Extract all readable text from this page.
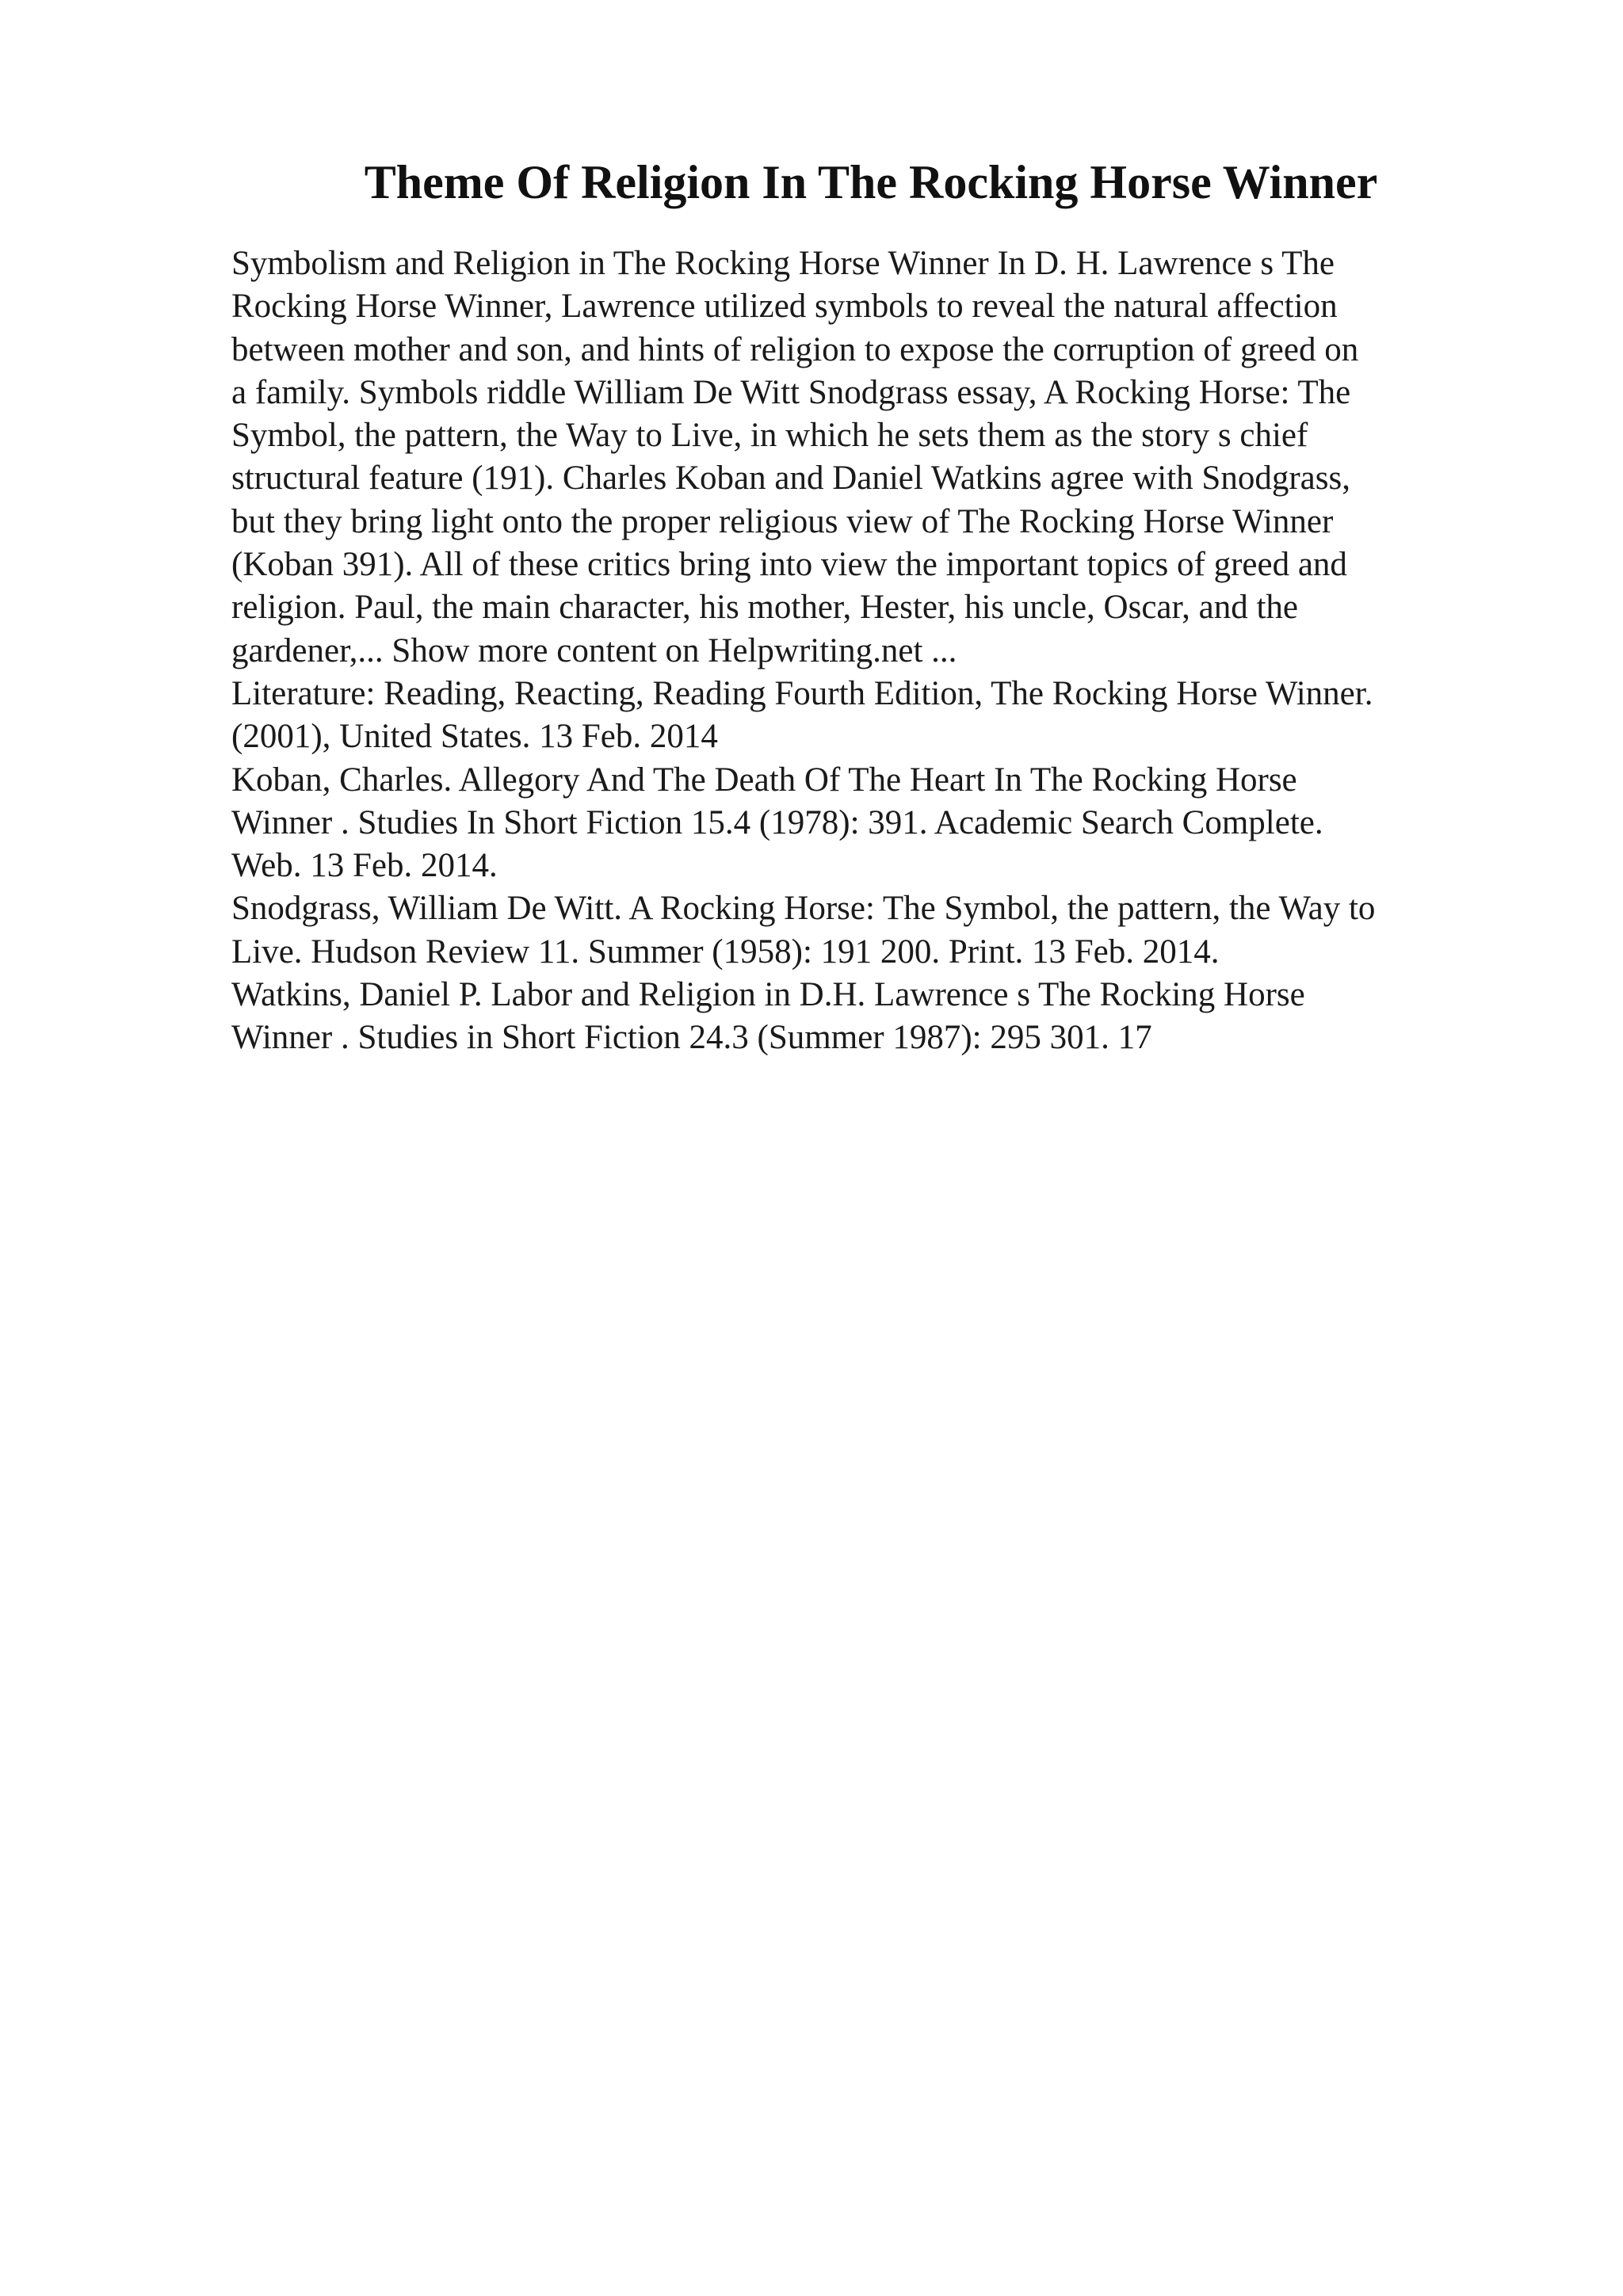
Theme Of Religion In The Rocking Horse Winner

Symbolism and Religion in The Rocking Horse Winner In D. H. Lawrence s The
Rocking Horse Winner, Lawrence utilized symbols to reveal the natural affection
between mother and son, and hints of religion to expose the corruption of greed on
a family. Symbols riddle William De Witt Snodgrass essay, A Rocking Horse: The
Symbol, the pattern, the Way to Live, in which he sets them as the story s chief
structural feature (191). Charles Koban and Daniel Watkins agree with Snodgrass,
but they bring light onto the proper religious view of The Rocking Horse Winner
(Koban 391). All of these critics bring into view the important topics of greed and
religion. Paul, the main character, his mother, Hester, his uncle, Oscar, and the
gardener,... Show more content on Helpwriting.net ...

Literature: Reading, Reacting, Reading Fourth Edition, The Rocking Horse Winner.
(2001), United States. 13 Feb. 2014

Koban, Charles. Allegory And The Death Of The Heart In The Rocking Horse
Winner . Studies In Short Fiction 15.4 (1978): 391. Academic Search Complete.
Web. 13 Feb. 2014.

Snodgrass, William De Witt. A Rocking Horse: The Symbol, the pattern, the Way to
Live. Hudson Review 11. Summer (1958): 191 200. Print. 13 Feb. 2014.

Watkins, Daniel P. Labor and Religion in D.H. Lawrence s The Rocking Horse
Winner . Studies in Short Fiction 24.3 (Summer 1987): 295 301. 17
